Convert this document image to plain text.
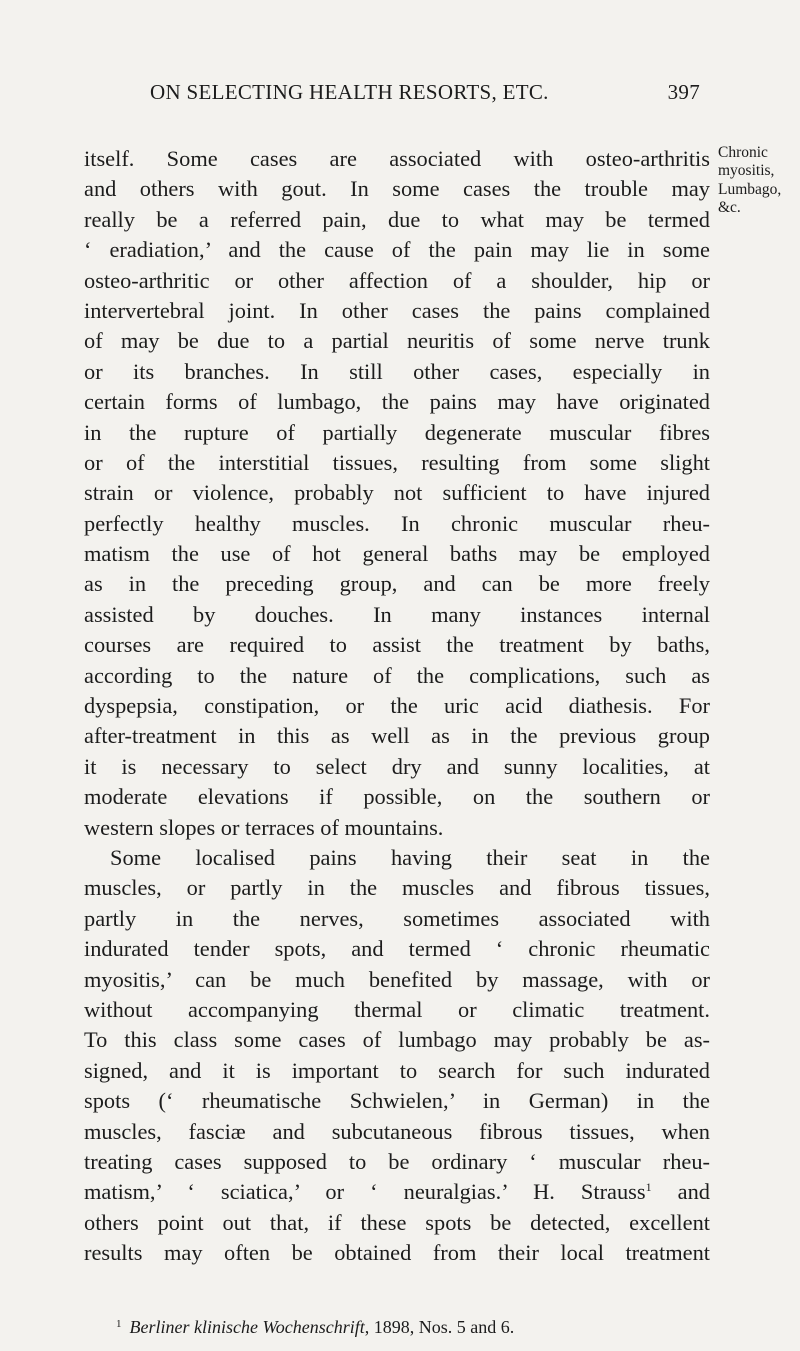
ON SELECTING HEALTH RESORTS, ETC.	397
Chronic
myositis,
Lumbago,
&c.
itself. Some cases are associated with osteo-arthritis
and others with gout. In some cases the trouble may
really be a referred pain, due to what may be termed
‘ eradiation,’ and the cause of the pain may lie in some
osteo-arthritic or other affection of a shoulder, hip or
intervertebral joint. In other cases the pains complained
of may be due to a partial neuritis of some nerve trunk
or its branches. In still other cases, especially in
certain forms of lumbago, the pains may have originated
in the rupture of partially degenerate muscular fibres
or of the interstitial tissues, resulting from some slight
strain or violence, probably not sufficient to have injured
perfectly healthy muscles. In chronic muscular rheu-
matism the use of hot general baths may be employed
as in the preceding group, and can be more freely
assisted by douches. In many instances internal
courses are required to assist the treatment by baths,
according to the nature of the complications, such as
dyspepsia, constipation, or the uric acid diathesis. For
after-treatment in this as well as in the previous group
it is necessary to select dry and sunny localities, at
moderate elevations if possible, on the southern or
western slopes or terraces of mountains.
Some localised pains having their seat in the
muscles, or partly in the muscles and fibrous tissues,
partly in the nerves, sometimes associated with
indurated tender spots, and termed ‘ chronic rheumatic
myositis,’ can be much benefited by massage, with or
without accompanying thermal or climatic treatment.
To this class some cases of lumbago may probably be as-
signed, and it is important to search for such indurated
spots (‘ rheumatische Schwielen,’ in German) in the
muscles, fasciæ and subcutaneous fibrous tissues, when
treating cases supposed to be ordinary ‘ muscular rheu-
matism,’ ‘ sciatica,’ or ‘ neuralgias.’ H. Strauss$^1$ and
others point out that, if these spots be detected, excellent
results may often be obtained from their local treatment
$^1$ Berliner klinische Wochenschrift, 1898, Nos. 5 and 6.
